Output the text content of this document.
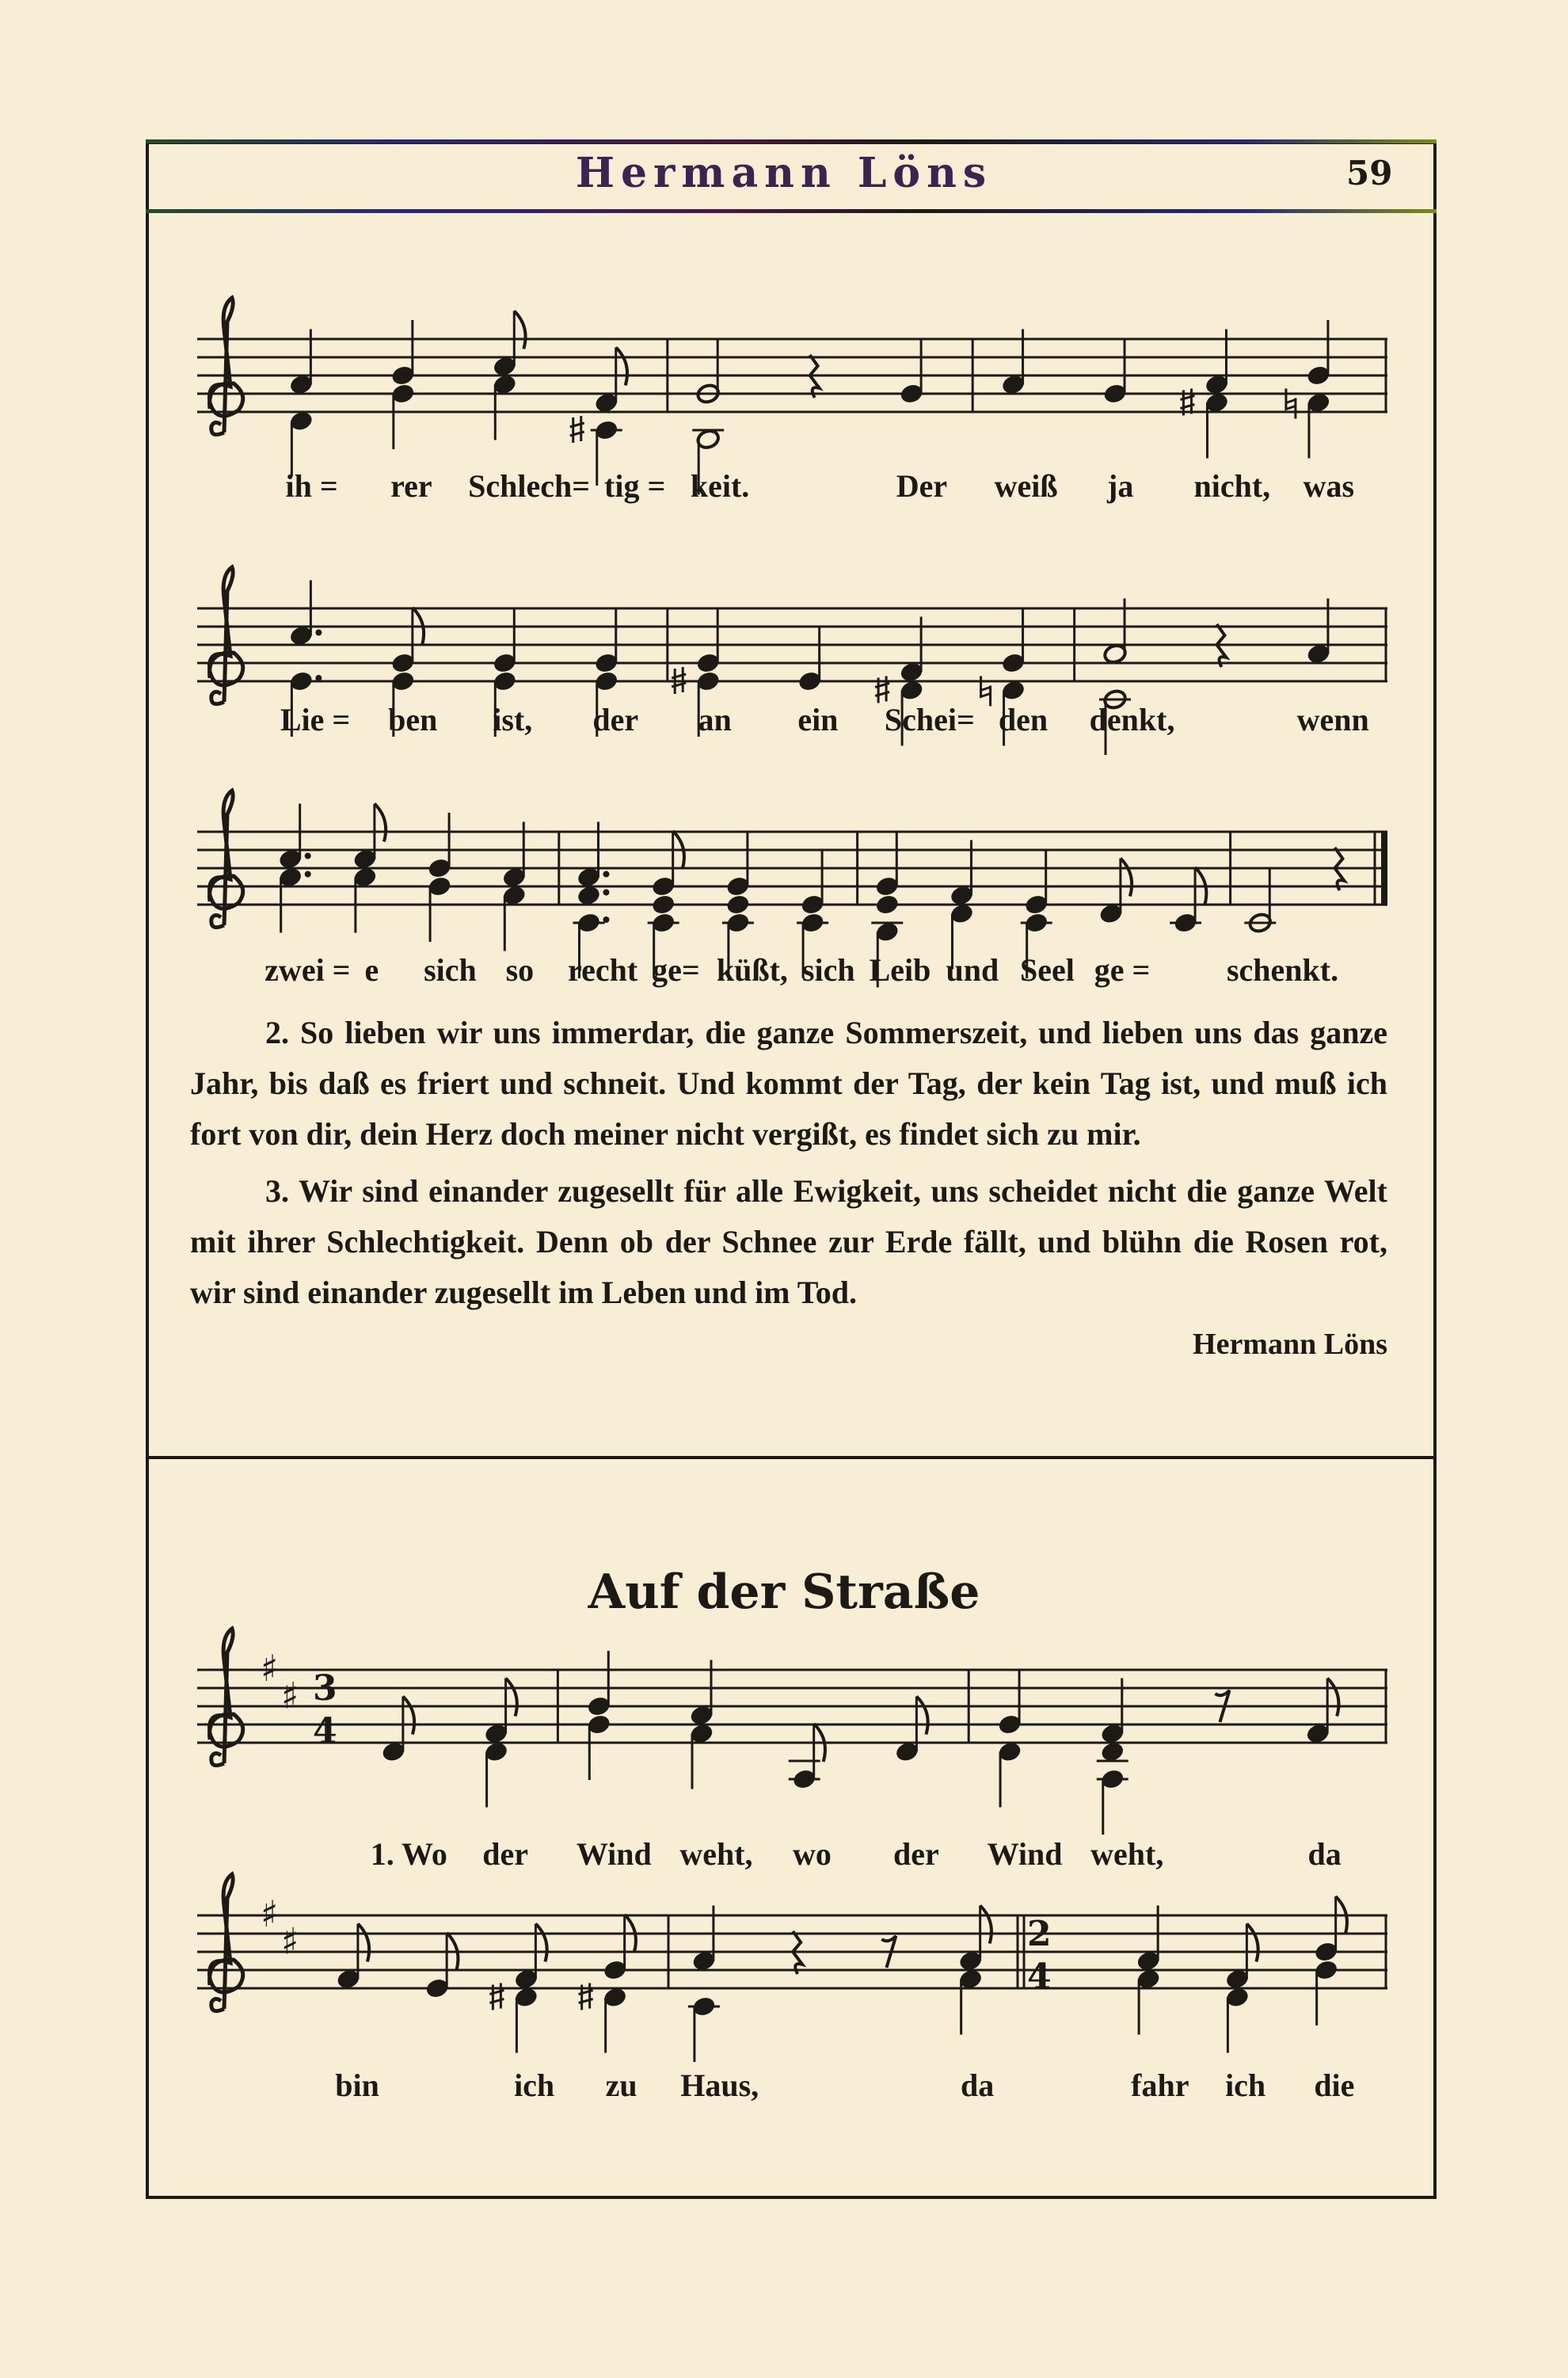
Hermann Löns	59
ih = rer Schlech= tig = keit.	Der weiß ja nicht, was
Lie = ben ist, der an ein Schei= den denkt,	wenn
zwei = e sich so recht ge= küßt, sich Leib und Seel ge = schenkt.

2. So lieben wir uns immerdar, die ganze Sommerszeit, und lieben uns das ganze Jahr, bis daß es friert und schneit. Und kommt der Tag, der kein Tag ist, und muß ich fort von dir, dein Herz doch meiner nicht vergißt, es findet sich zu mir.

3. Wir sind einander zugesellt für alle Ewigkeit, uns scheidet nicht die ganze Welt mit ihrer Schlechtigkeit. Denn ob der Schnee zur Erde fällt, und blühn die Rosen rot, wir sind einander zugesellt im Leben und im Tod.

Hermann Löns
Auf der Straße
♯
♯ 3
4
1. Wo der Wind weht, wo der Wind weht,	da
♯
♯	2
4
bin	ich zu Haus,	da	fahr ich die
